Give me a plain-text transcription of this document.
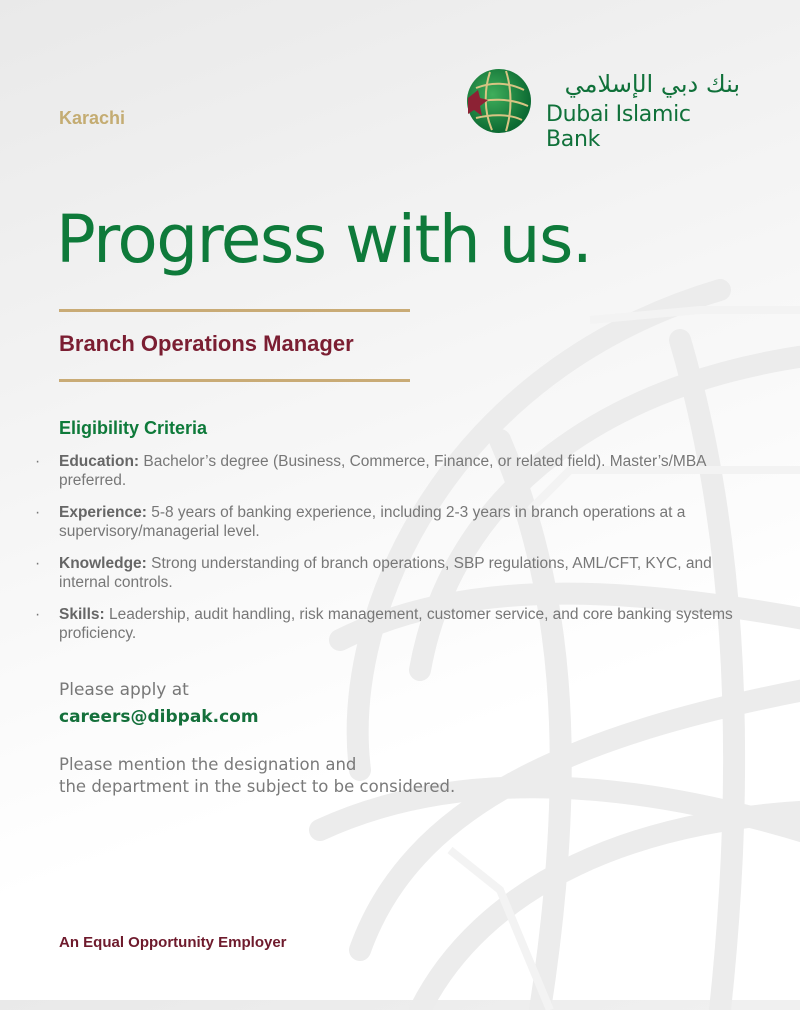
Karachi
بنك دبي الإسلامي
Dubai Islamic Bank
Progress with us.
Branch Operations Manager
Eligibility Criteria
· Education: Bachelor’s degree (Business, Commerce, Finance, or related field). Master’s/MBA preferred.
· Experience: 5-8 years of banking experience, including 2-3 years in branch operations at a supervisory/managerial level.
· Knowledge: Strong understanding of branch operations, SBP regulations, AML/CFT, KYC, and internal controls.
· Skills: Leadership, audit handling, risk management, customer service, and core banking systems proficiency.
Please apply at
careers@dibpak.com
Please mention the designation and
the department in the subject to be considered.
An Equal Opportunity Employer
